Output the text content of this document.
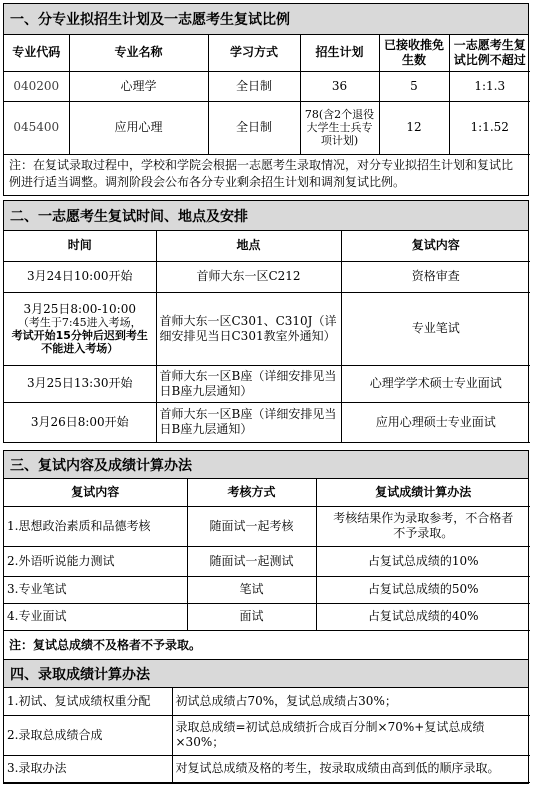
一、分专业拟招生计划及一志愿考生复试比例
专业代码	专业名称	学习方式	招生计划	已接收推免生数	一志愿考生复试比例不超过
040200	心理学	全日制	36	5	1:1.3
045400	应用心理	全日制	78(含2个退役大学生士兵专项计划)	12	1:1.52
注：在复试录取过程中，学校和学院会根据一志愿考生录取情况，对分专业拟招生计划和复试比例进行适当调整。调剂阶段会公布各分专业剩余招生计划和调剂复试比例。
二、一志愿考生复试时间、地点及安排
时间	地点	复试内容
3月24日10:00开始	首师大东一区C212	资格审查

3月25日8:00-10:00
（考生于7:45进入考场，
考试开始15分钟后迟到考生不能进入考场）	首师大东一区C301、C310J（详细安排见当日C301教室外通知）	专业笔试
3月25日13:30开始	首师大东一区B座（详细安排见当日B座九层通知）	心理学学术硕士专业面试
3月26日8:00开始	首师大东一区B座（详细安排见当日B座九层通知）	应用心理硕士专业面试
三、复试内容及成绩计算办法
复试内容	考核方式	复试成绩计算办法
1.思想政治素质和品德考核	随面试一起考核	考核结果作为录取参考，不合格者不予录取。
2.外语听说能力测试	随面试一起测试	占复试总成绩的10%
3.专业笔试	笔试	占复试总成绩的50%
4.专业面试	面试	占复试总成绩的40%
注：复试总成绩不及格者不予录取。
四、录取成绩计算办法
1.初试、复试成绩权重分配	初试总成绩占70%，复试总成绩占30%；
2.录取总成绩合成	录取总成绩=初试总成绩折合成百分制×70%+复试总成绩×30%；
3.录取办法	对复试总成绩及格的考生，按录取成绩由高到低的顺序录取。
